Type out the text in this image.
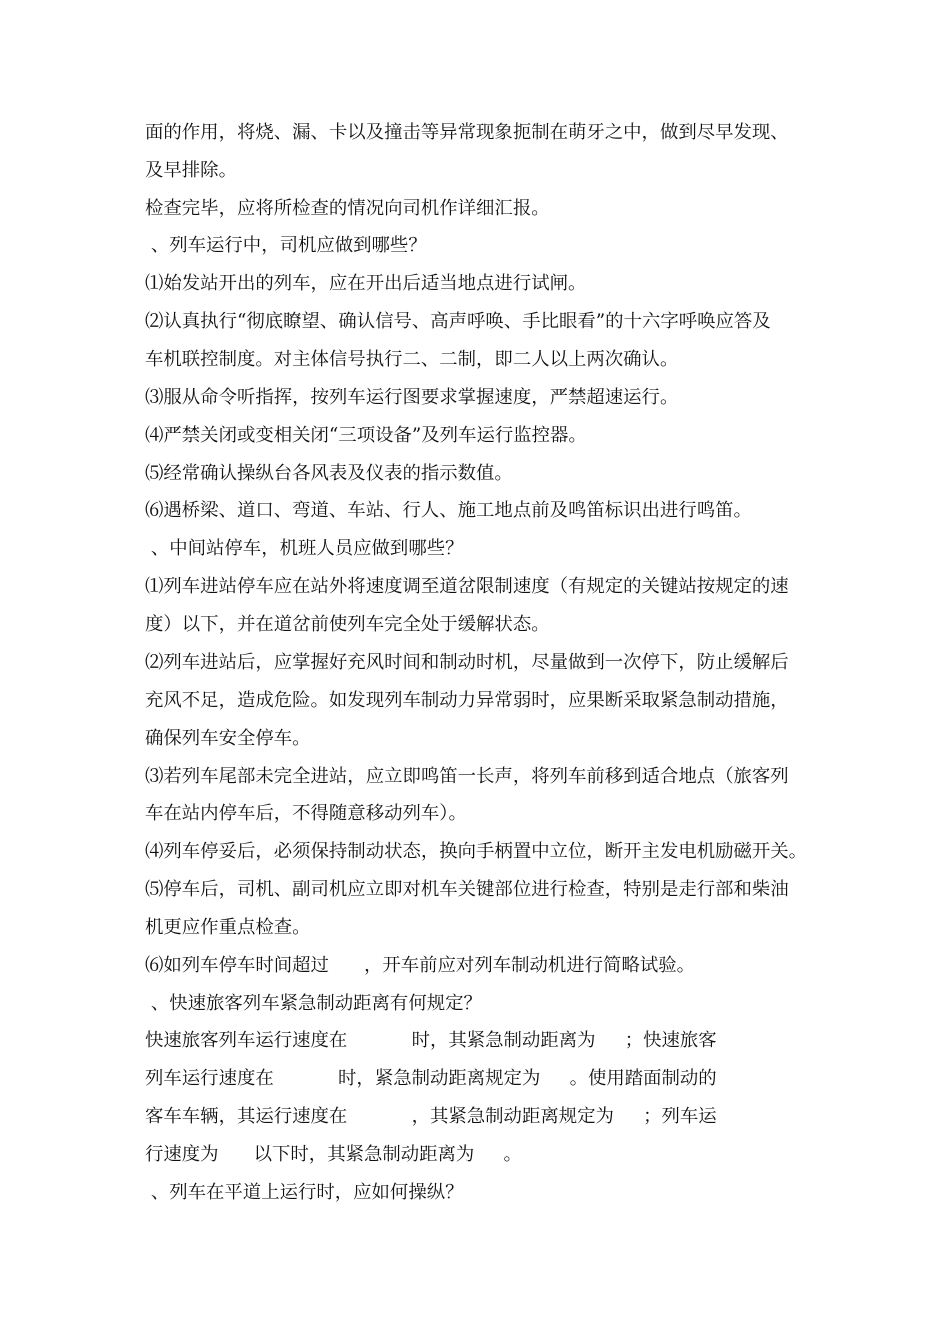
面的作用，将烧、漏、卡以及撞击等异常现象扼制在萌牙之中，做到尽早发现、
及早排除。
检查完毕，应将所检查的情况向司机作详细汇报。
、列车运行中，司机应做到哪些？
⑴始发站开出的列车，应在开出后适当地点进行试闸。
⑵认真执行“彻底瞭望、确认信号、高声呼唤、手比眼看”的十六字呼唤应答及
车机联控制度。对主体信号执行二、二制，即二人以上两次确认。
⑶服从命令听指挥，按列车运行图要求掌握速度，严禁超速运行。
⑷严禁关闭或变相关闭“三项设备”及列车运行监控器。
⑸经常确认操纵台各风表及仪表的指示数值。
⑹遇桥梁、道口、弯道、车站、行人、施工地点前及鸣笛标识出进行鸣笛。
、中间站停车，机班人员应做到哪些？
⑴列车进站停车应在站外将速度调至道岔限制速度（有规定的关键站按规定的速
度）以下，并在道岔前使列车完全处于缓解状态。
⑵列车进站后，应掌握好充风时间和制动时机，尽量做到一次停下，防止缓解后
充风不足，造成危险。如发现列车制动力异常弱时，应果断采取紧急制动措施，
确保列车安全停车。
⑶若列车尾部未完全进站，应立即鸣笛一长声，将列车前移到适合地点（旅客列
车在站内停车后，不得随意移动列车）。
⑷列车停妥后，必须保持制动状态，换向手柄置中立位，断开主发电机励磁开关。
⑸停车后，司机、副司机应立即对机车关键部位进行检查，特别是走行部和柴油
机更应作重点检查。
⑹如列车停车时间超过      ，开车前应对列车制动机进行简略试验。
、快速旅客列车紧急制动距离有何规定？
快速旅客列车运行速度在           时，其紧急制动距离为     ；快速旅客
列车运行速度在           时，紧急制动距离规定为     。使用踏面制动的
客车车辆，其运行速度在           ，其紧急制动距离规定为     ；列车运
行速度为      以下时，其紧急制动距离为     。
、列车在平道上运行时，应如何操纵？
